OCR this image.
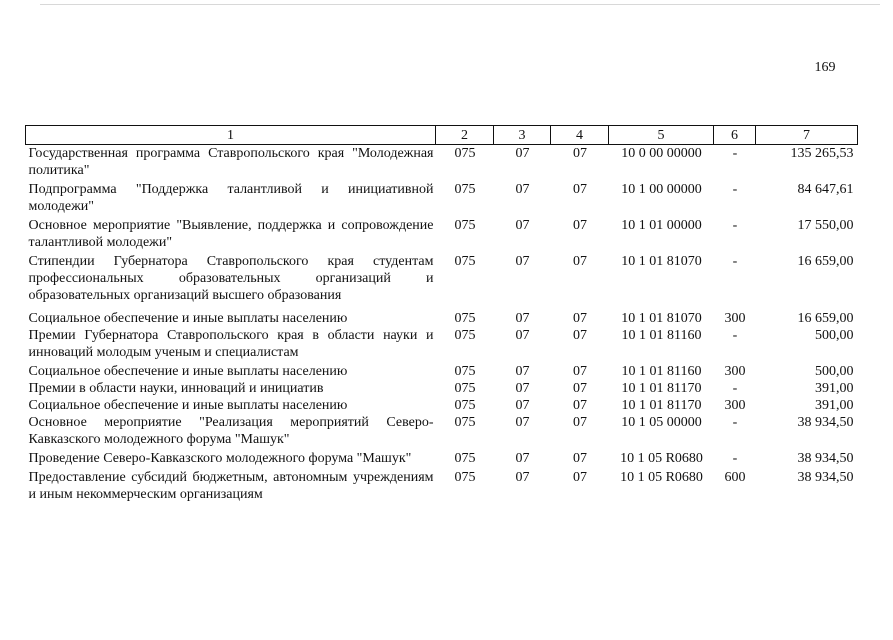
169
1	2	3	4	5	6	7
Государственная программа Ставропольского края "Молодежная политика"	075	07	07	10 0 00 00000	-	135 265,53
Подпрограмма "Поддержка талантливой и инициативной молодежи"	075	07	07	10 1 00 00000	-	84 647,61
Основное мероприятие "Выявление, поддержка и сопровождение талантливой молодежи"	075	07	07	10 1 01 00000	-	17 550,00
Стипендии Губернатора Ставропольского края студентам профессиональных образовательных организаций и образовательных организаций высшего образования	075	07	07	10 1 01 81070	-	16 659,00
Социальное обеспечение и иные выплаты населению	075	07	07	10 1 01 81070	300	16 659,00
Премии Губернатора Ставропольского края в области науки и инноваций молодым ученым и специалистам	075	07	07	10 1 01 81160	-	500,00
Социальное обеспечение и иные выплаты населению	075	07	07	10 1 01 81160	300	500,00
Премии в области науки, инноваций и инициатив	075	07	07	10 1 01 81170	-	391,00
Социальное обеспечение и иные выплаты населению	075	07	07	10 1 01 81170	300	391,00
Основное мероприятие "Реализация мероприятий Северо-Кавказского молодежного форума "Машук"	075	07	07	10 1 05 00000	-	38 934,50
Проведение Северо-Кавказского молодежного форума "Машук"	075	07	07	10 1 05 R0680	-	38 934,50
Предоставление субсидий бюджетным, автономным учреждениям и иным некоммерческим организациям	075	07	07	10 1 05 R0680	600	38 934,50
